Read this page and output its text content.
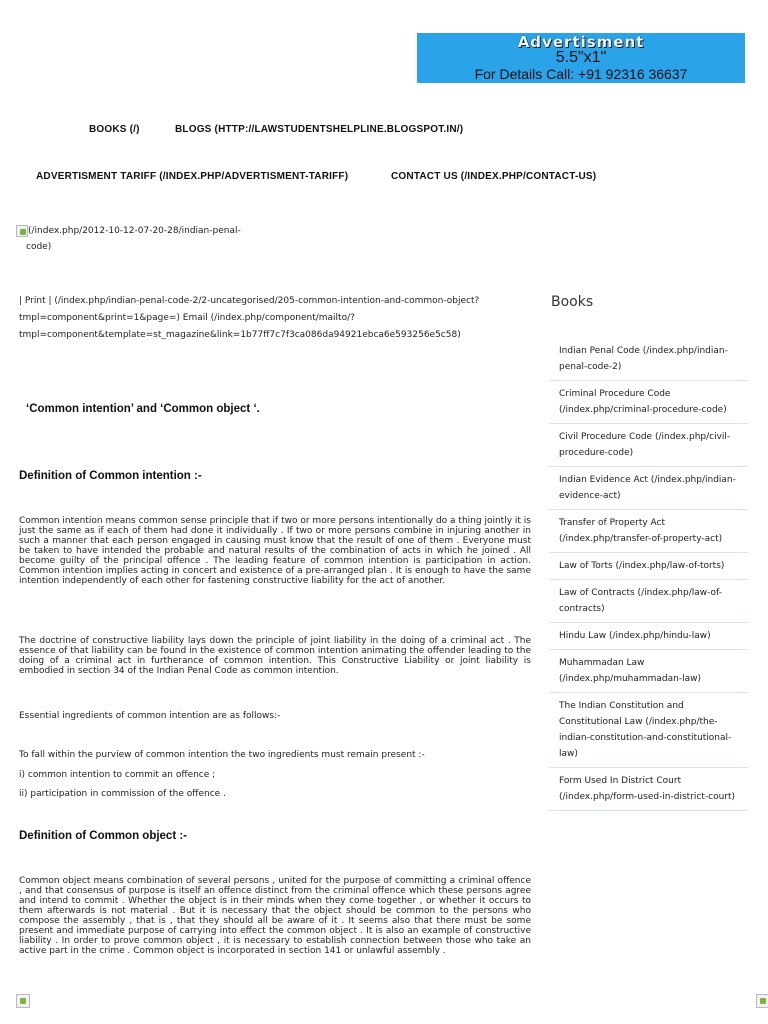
Advertisment
5.5"x1"
For Details Call: +91 92316 36637
BOOKS (/)	BLOGS (HTTP://LAWSTUDENTSHELPLINE.BLOGSPOT.IN/)
ADVERTISMENT TARIFF (/INDEX.PHP/ADVERTISMENT-TARIFF)	CONTACT US (/INDEX.PHP/CONTACT-US)
(/index.php/2012-10-12-07-20-28/indian-penal-
code)
| Print | (/index.php/indian-penal-code-2/2-uncategorised/205-common-intention-and-common-object?
tmpl=component&print=1&page=) Email (/index.php/component/mailto/?
tmpl=component&template=st_magazine&link=1b77ff7c7f3ca086da94921ebca6e593256e5c58)
‘Common intention’ and ‘Common object ‘.
Definition of Common intention :-
Common intention means common sense principle that if two or more persons intentionally do a thing jointly it is just the same as if each of them had done it individually . If two or more persons combine in injuring another in such a manner that each person engaged in causing must know that the result of one of them . Everyone must be taken to have intended the probable and natural results of the combination of acts in which he joined . All become guilty of the principal offence . The leading feature of common intention is participation in action. Common intention implies acting in concert and existence of a pre-arranged plan . It is enough to have the same intention independently of each other for fastening constructive liability for the act of another.
The doctrine of constructive liability lays down the principle of joint liability in the doing of a criminal act . The essence of that liability can be found in the existence of common intention animating the offender leading to the doing of a criminal act in furtherance of common intention. This Constructive Liability or joint liability is embodied in section 34 of the Indian Penal Code as common intention.
Essential ingredients of common intention are as follows:-
To fall within the purview of common intention the two ingredients must remain present :-
i) common intention to commit an offence ;
ii) participation in commission of the offence .
Definition of Common object :-
Common object means combination of several persons , united for the purpose of committing a criminal offence , and that consensus of purpose is itself an offence distinct from the criminal offence which these persons agree and intend to commit . Whether the object is in their minds when they come together , or whether it occurs to them afterwards is not material . But it is necessary that the object should be common to the persons who compose the assembly , that is , that they should all be aware of it . It seems also that there must be some present and immediate purpose of carrying into effect the common object . It is also an example of constructive liability . In order to prove common object , it is necessary to establish connection between those who take an active part in the crime . Common object is incorporated in section 141 or unlawful assembly .
Books
Indian Penal Code (/index.php/indian-penal-code-2)
Criminal Procedure Code (/index.php/criminal-procedure-code)
Civil Procedure Code (/index.php/civil-procedure-code)
Indian Evidence Act (/index.php/indian-evidence-act)
Transfer of Property Act (/index.php/transfer-of-property-act)
Law of Torts (/index.php/law-of-torts)
Law of Contracts (/index.php/law-of-contracts)
Hindu Law (/index.php/hindu-law)
Muhammadan Law (/index.php/muhammadan-law)
The Indian Constitution and Constitutional Law (/index.php/the-indian-constitution-and-constitutional-law)
Form Used In District Court (/index.php/form-used-in-district-court)
